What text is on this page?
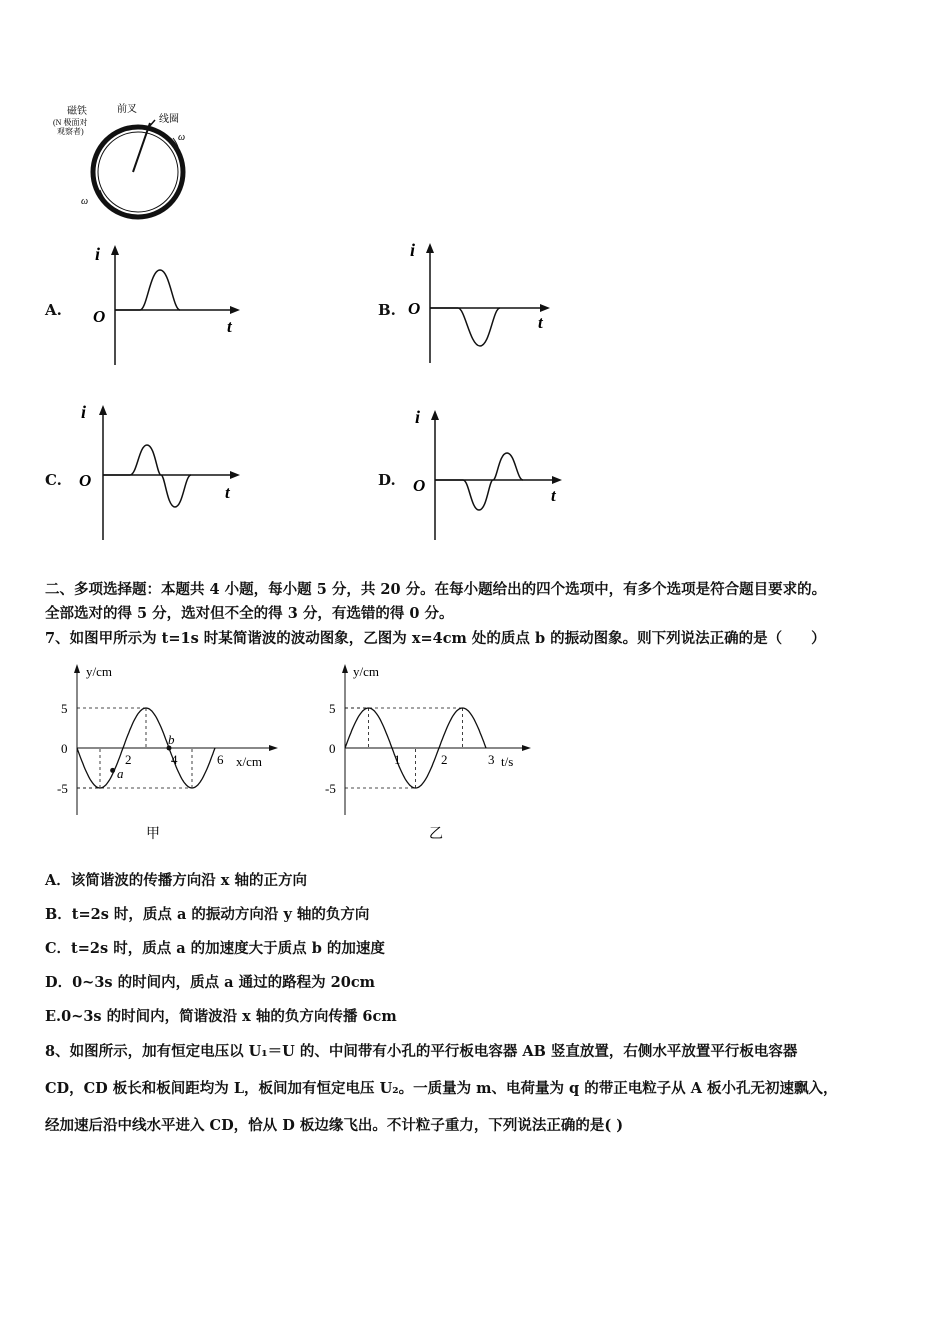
磁铁
(N 极面对
观察者)
前叉
线圈
ω
ω
A.
i
O
t
B.
i
O
t
C.
i
O
t
D.
i
O
t
二、多项选择题：本题共 4 小题，每小题 5 分，共 20 分。在每小题给出的四个选项中，有多个选项是符合题目要求的。
全部选对的得 5 分，选对但不全的得 3 分，有选错的得 0 分。
7、如图甲所示为 t=1s 时某简谐波的波动图象，乙图为 x=4cm 处的质点 b 的振动图象。则下列说法正确的是（　　）
5
0
-5
2	4	6
y/cm
x/cm
甲
b
a
5
0
-5
1	2	3
y/cm
t/s
乙
A．该简谐波的传播方向沿 x 轴的正方向
B．t=2s 时，质点 a 的振动方向沿 y 轴的负方向
C．t=2s 时，质点 a 的加速度大于质点 b 的加速度
D．0~3s 的时间内，质点 a 通过的路程为 20cm
E.0~3s 的时间内，简谐波沿 x 轴的负方向传播 6cm
8、如图所示，加有恒定电压以 U₁＝U 的、中间带有小孔的平行板电容器 AB 竖直放置，右侧水平放置平行板电容器
CD，CD 板长和板间距均为 L，板间加有恒定电压 U₂。一质量为 m、电荷量为 q 的带正电粒子从 A 板小孔无初速飘入，
经加速后沿中线水平进入 CD，恰从 D 板边缘飞出。不计粒子重力，下列说法正确的是( )
